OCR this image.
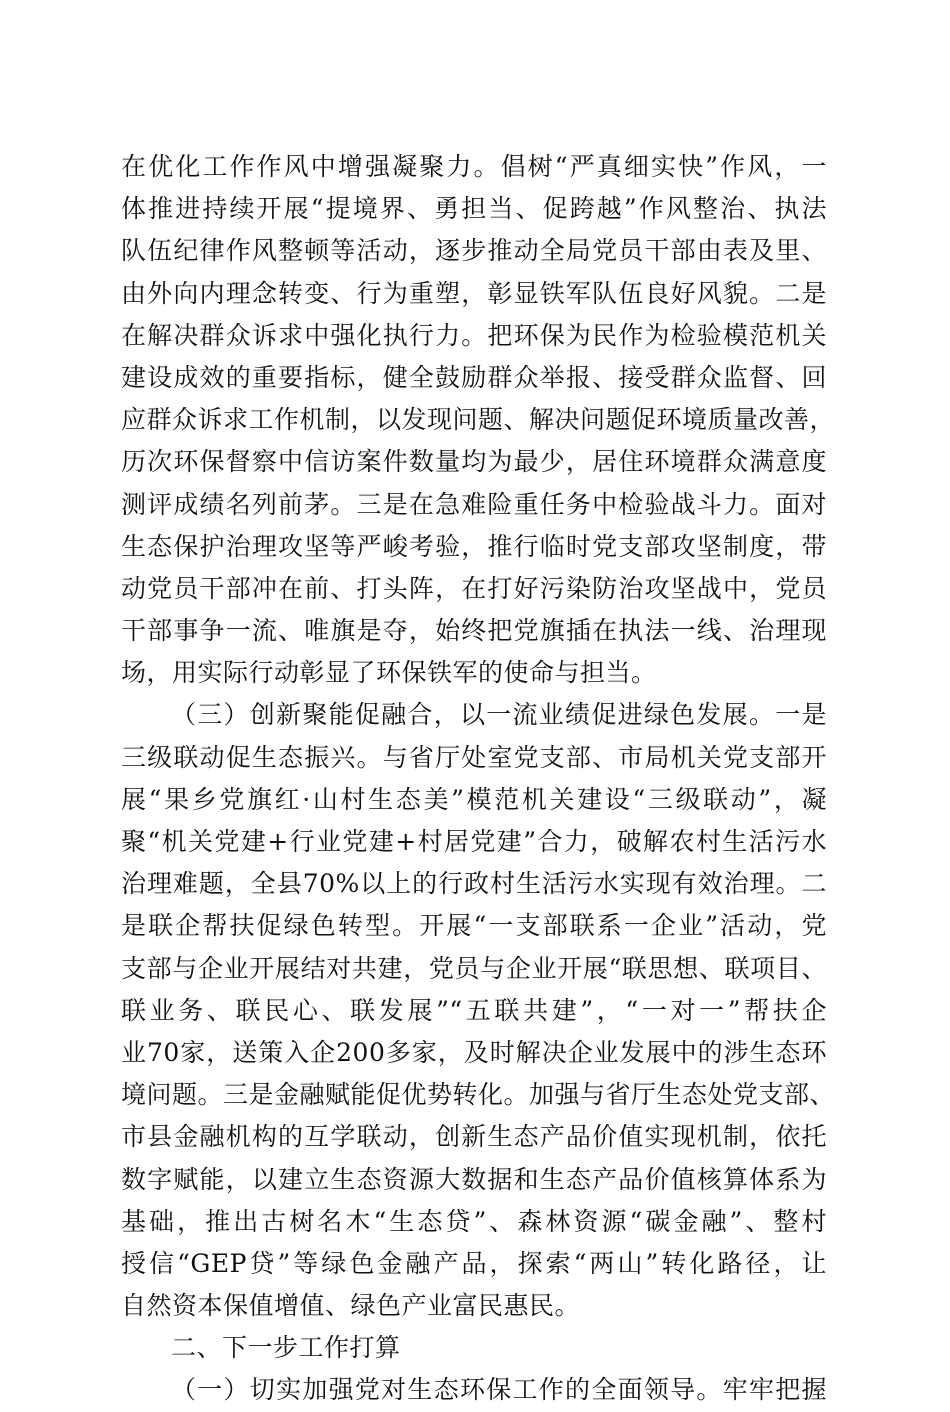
在优化工作作风中增强凝聚力。倡树“严真细实快”作风，一
体推进持续开展“提境界、勇担当、促跨越”作风整治、执法
队伍纪律作风整顿等活动，逐步推动全局党员干部由表及里、
由外向内理念转变、行为重塑，彰显铁军队伍良好风貌。二是
在解决群众诉求中强化执行力。把环保为民作为检验模范机关
建设成效的重要指标，健全鼓励群众举报、接受群众监督、回
应群众诉求工作机制，以发现问题、解决问题促环境质量改善，
历次环保督察中信访案件数量均为最少，居住环境群众满意度
测评成绩名列前茅。三是在急难险重任务中检验战斗力。面对
生态保护治理攻坚等严峻考验，推行临时党支部攻坚制度，带
动党员干部冲在前、打头阵，在打好污染防治攻坚战中，党员
干部事争一流、唯旗是夺，始终把党旗插在执法一线、治理现
场，用实际行动彰显了环保铁军的使命与担当。
（三）创新聚能促融合，以一流业绩促进绿色发展。一是
三级联动促生态振兴。与省厅处室党支部、市局机关党支部开
展“果乡党旗红·山村生态美”模范机关建设“三级联动”，凝
聚“机关党建+行业党建+村居党建”合力，破解农村生活污水
治理难题，全县70%以上的行政村生活污水实现有效治理。二
是联企帮扶促绿色转型。开展“一支部联系一企业”活动，党
支部与企业开展结对共建，党员与企业开展“联思想、联项目、
联业务、联民心、联发展”“五联共建”，“一对一”帮扶企
业70家，送策入企200多家，及时解决企业发展中的涉生态环
境问题。三是金融赋能促优势转化。加强与省厅生态处党支部、
市县金融机构的互学联动，创新生态产品价值实现机制，依托
数字赋能，以建立生态资源大数据和生态产品价值核算体系为
基础，推出古树名木“生态贷”、森林资源“碳金融”、整村
授信“GEP贷”等绿色金融产品，探索“两山”转化路径，让
自然资本保值增值、绿色产业富民惠民。
二、下一步工作打算
（一）切实加强党对生态环保工作的全面领导。牢牢把握
